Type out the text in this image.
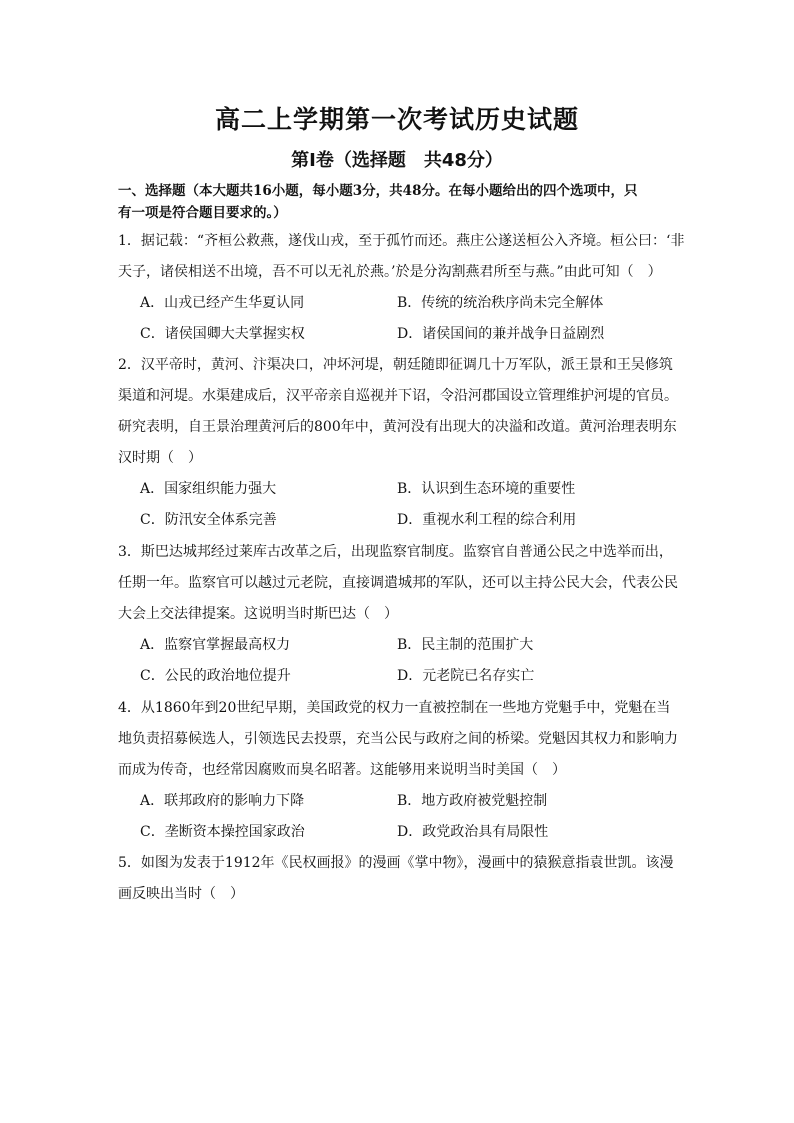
高二上学期第一次考试历史试题
第Ⅰ卷（选择题　共48分）
一、选择题（本大题共16小题，每小题3分，共48分。在每小题给出的四个选项中，只
有一项是符合题目要求的。）
1．据记载：“齐桓公救燕，遂伐山戎，至于孤竹而还。燕庄公遂送桓公入齐境。桓公曰：‘非
天子，诸侯相送不出境，吾不可以无礼於燕。’於是分沟割燕君所至与燕。”由此可知（　）
A．山戎已经产生华夏认同	B．传统的统治秩序尚未完全解体
C．诸侯国卿大夫掌握实权	D．诸侯国间的兼并战争日益剧烈
2．汉平帝时，黄河、汴渠决口，冲坏河堤，朝廷随即征调几十万军队，派王景和王吴修筑
渠道和河堤。水渠建成后，汉平帝亲自巡视并下诏，令沿河郡国设立管理维护河堤的官员。
研究表明，自王景治理黄河后的800年中，黄河没有出现大的决溢和改道。黄河治理表明东
汉时期（　）
A．国家组织能力强大	B．认识到生态环境的重要性
C．防汛安全体系完善	D．重视水利工程的综合利用
3．斯巴达城邦经过莱库古改革之后，出现监察官制度。监察官自普通公民之中选举而出，
任期一年。监察官可以越过元老院，直接调遣城邦的军队，还可以主持公民大会，代表公民
大会上交法律提案。这说明当时斯巴达（　）
A．监察官掌握最高权力	B．民主制的范围扩大
C．公民的政治地位提升	D．元老院已名存实亡
4．从1860年到20世纪早期，美国政党的权力一直被控制在一些地方党魁手中，党魁在当
地负责招募候选人，引领选民去投票，充当公民与政府之间的桥梁。党魁因其权力和影响力
而成为传奇，也经常因腐败而臭名昭著。这能够用来说明当时美国（　）
A．联邦政府的影响力下降	B．地方政府被党魁控制
C．垄断资本操控国家政治	D．政党政治具有局限性
5．如图为发表于1912年《民权画报》的漫画《掌中物》，漫画中的猿猴意指袁世凯。该漫
画反映出当时（　）
